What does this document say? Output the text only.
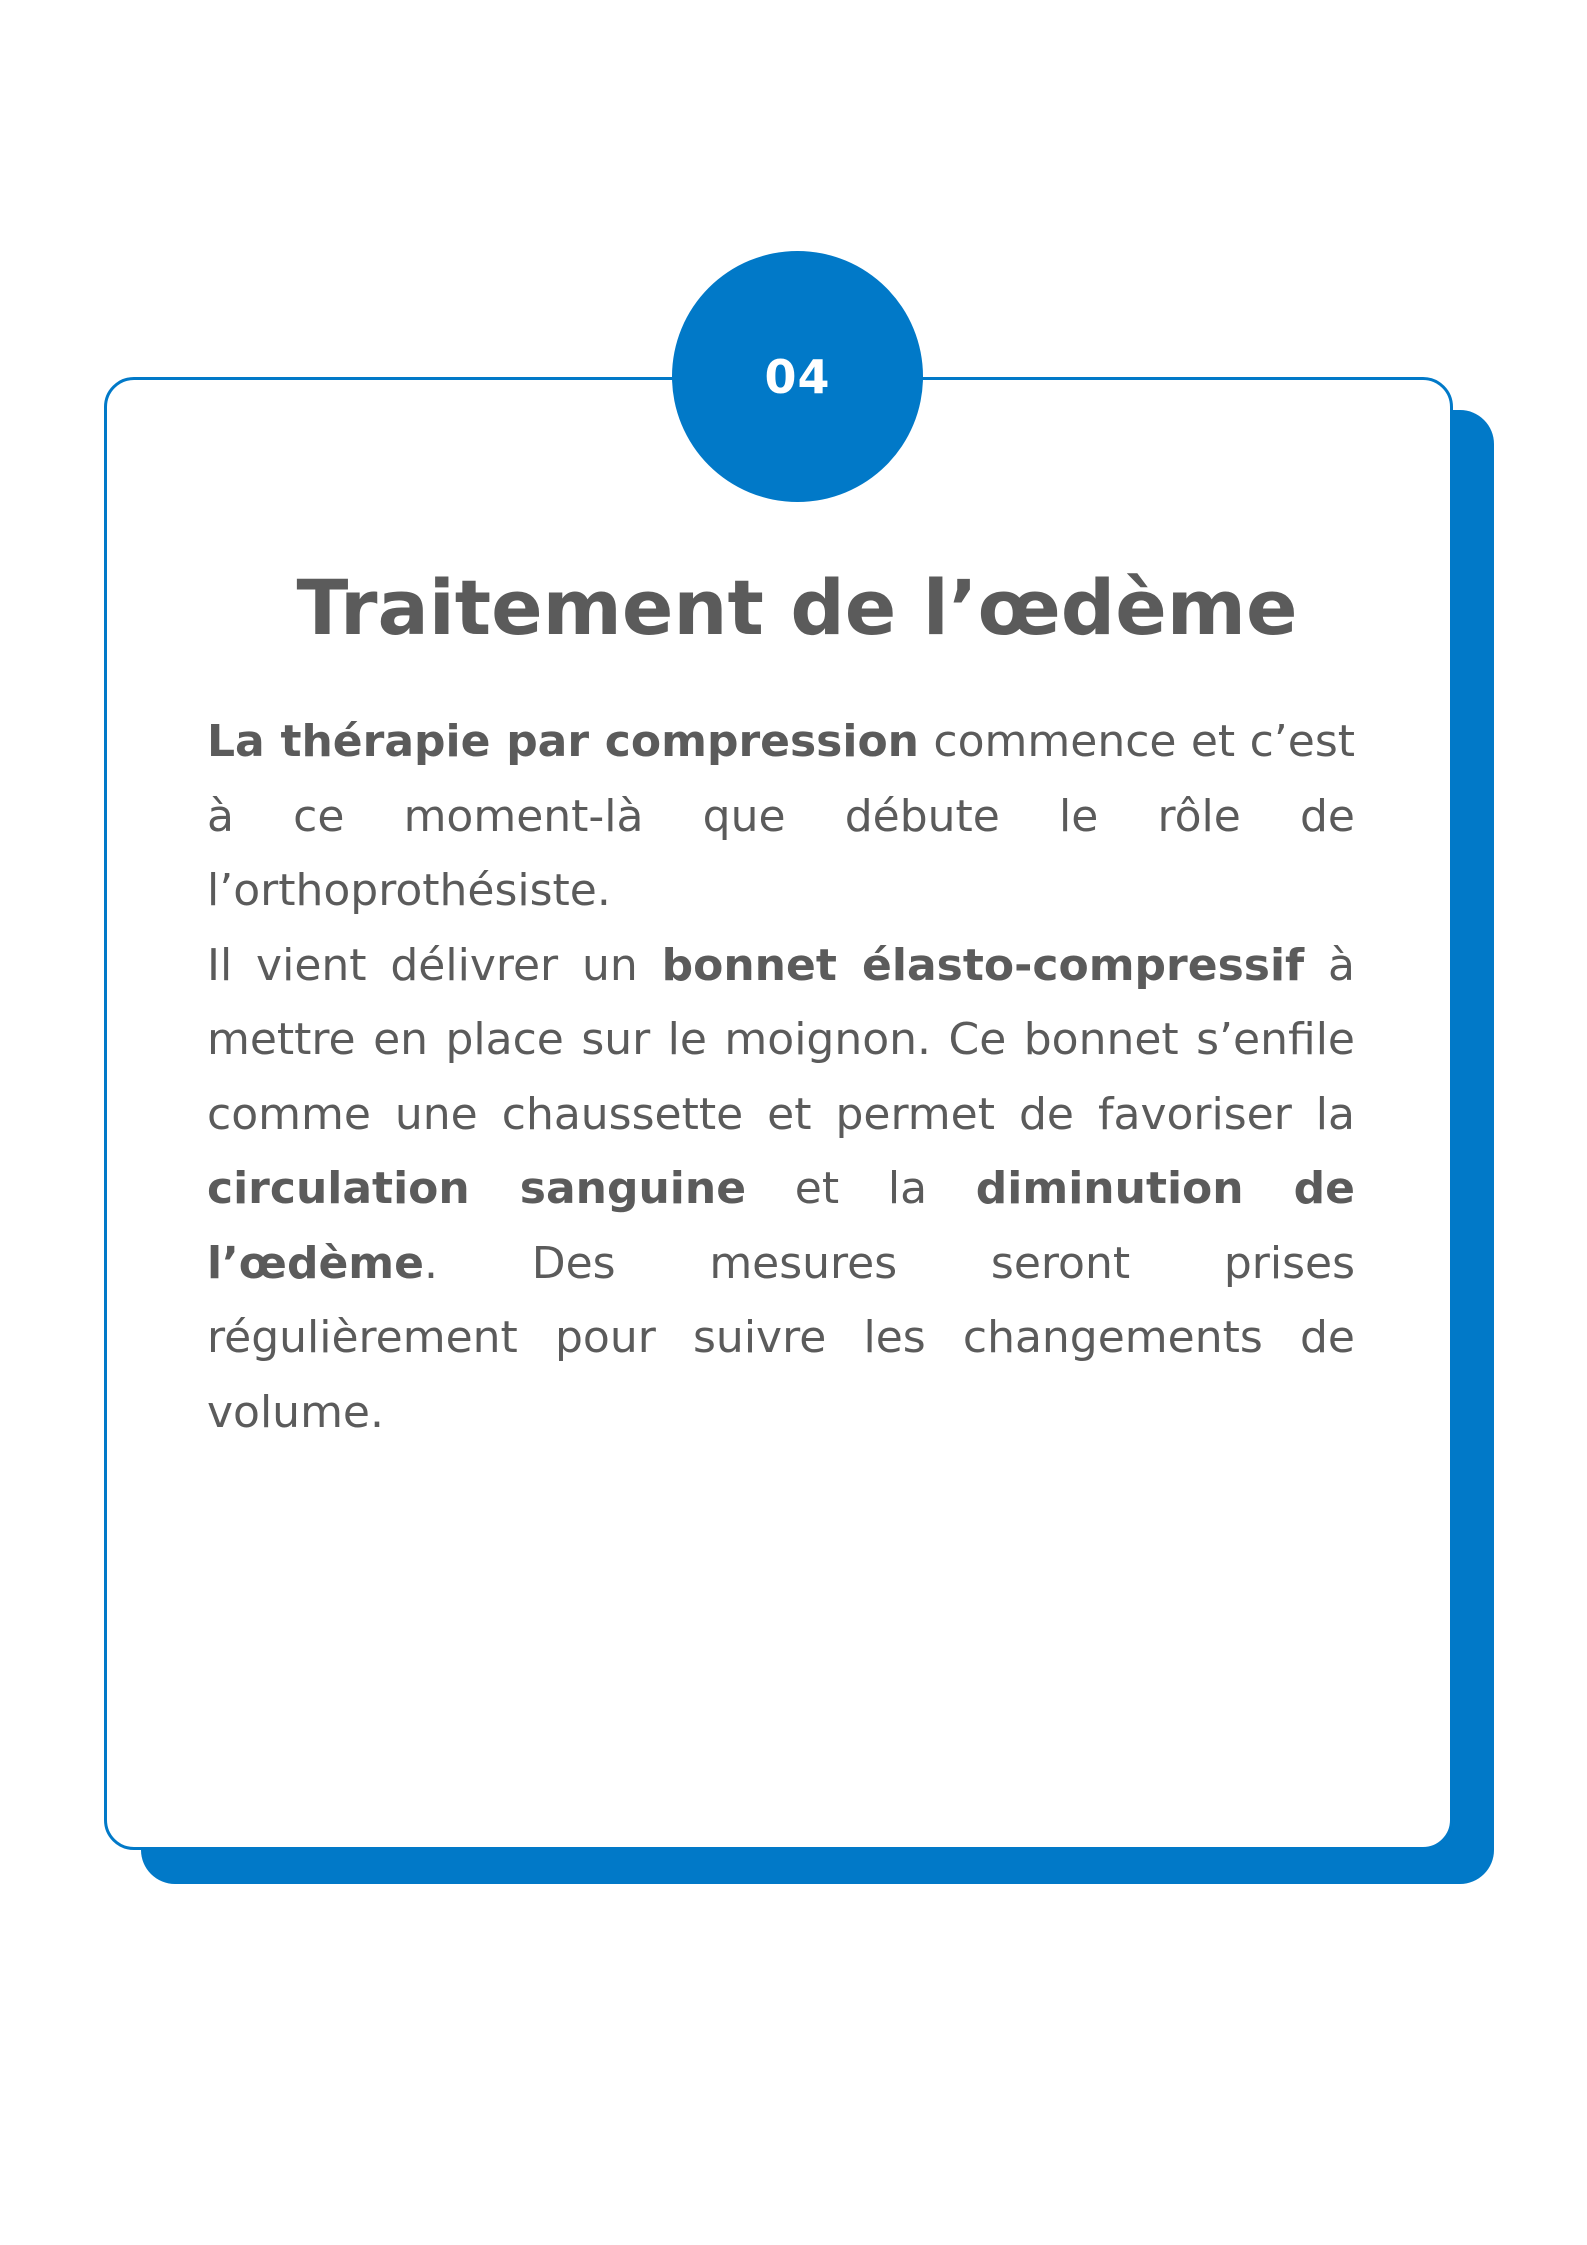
04
Traitement de l’œdème

La thérapie par compression commence et c’est à ce moment-là que débute le rôle de l’orthoprothésiste.

Il vient délivrer un bonnet élasto-compressif à mettre en place sur le moignon. Ce bonnet s’enfile comme une chaussette et permet de favoriser la circulation sanguine et la diminution de l’œdème. Des mesures seront prises régulièrement pour suivre les changements de volume.
